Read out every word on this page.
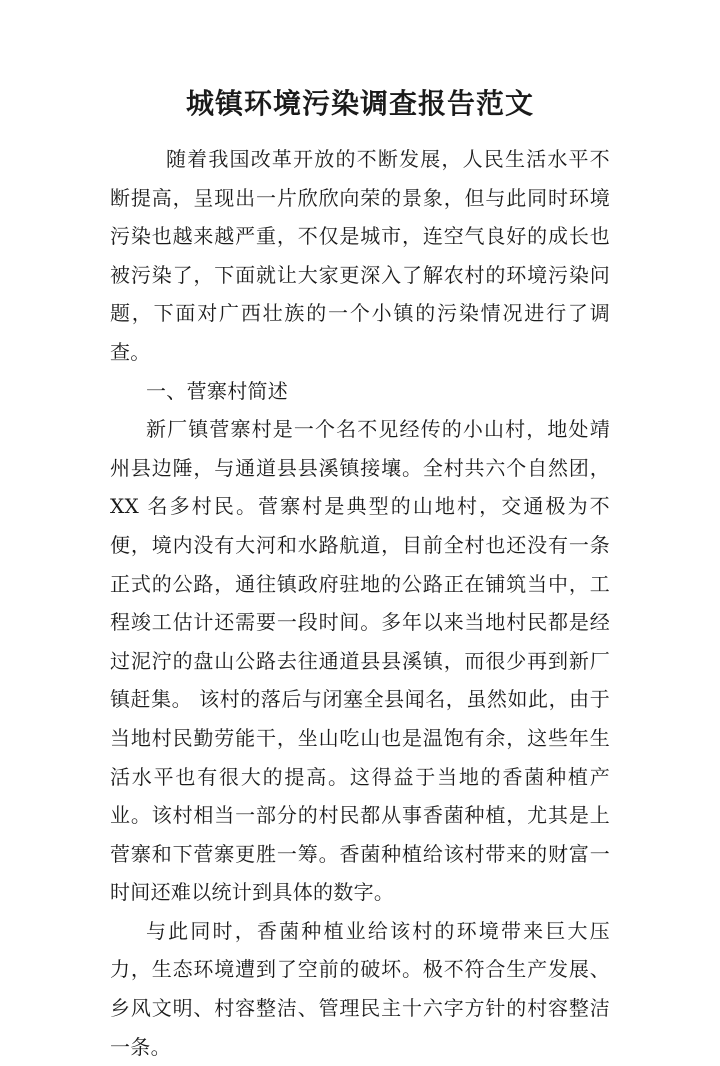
城镇环境污染调查报告范文

随着我国改革开放的不断发展，人民生活水平不断提高，呈现出一片欣欣向荣的景象，但与此同时环境污染也越来越严重，不仅是城市，连空气良好的成长也被污染了，下面就让大家更深入了解农村的环境污染问题，下面对广西壮族的一个小镇的污染情况进行了调查。

一、菅寨村简述

新厂镇菅寨村是一个名不见经传的小山村，地处靖州县边陲，与通道县县溪镇接壤。全村共六个自然团，XX 名多村民。菅寨村是典型的山地村，交通极为不便，境内没有大河和水路航道，目前全村也还没有一条正式的公路，通往镇政府驻地的公路正在铺筑当中，工程竣工估计还需要一段时间。多年以来当地村民都是经过泥泞的盘山公路去往通道县县溪镇，而很少再到新厂镇赶集。 该村的落后与闭塞全县闻名，虽然如此，由于当地村民勤劳能干，坐山吃山也是温饱有余，这些年生活水平也有很大的提高。这得益于当地的香菌种植产业。该村相当一部分的村民都从事香菌种植，尤其是上菅寨和下菅寨更胜一筹。香菌种植给该村带来的财富一时间还难以统计到具体的数字。

与此同时，香菌种植业给该村的环境带来巨大压力，生态环境遭到了空前的破坏。极不符合生产发展、乡风文明、村容整洁、管理民主十六字方针的村容整洁一条。
